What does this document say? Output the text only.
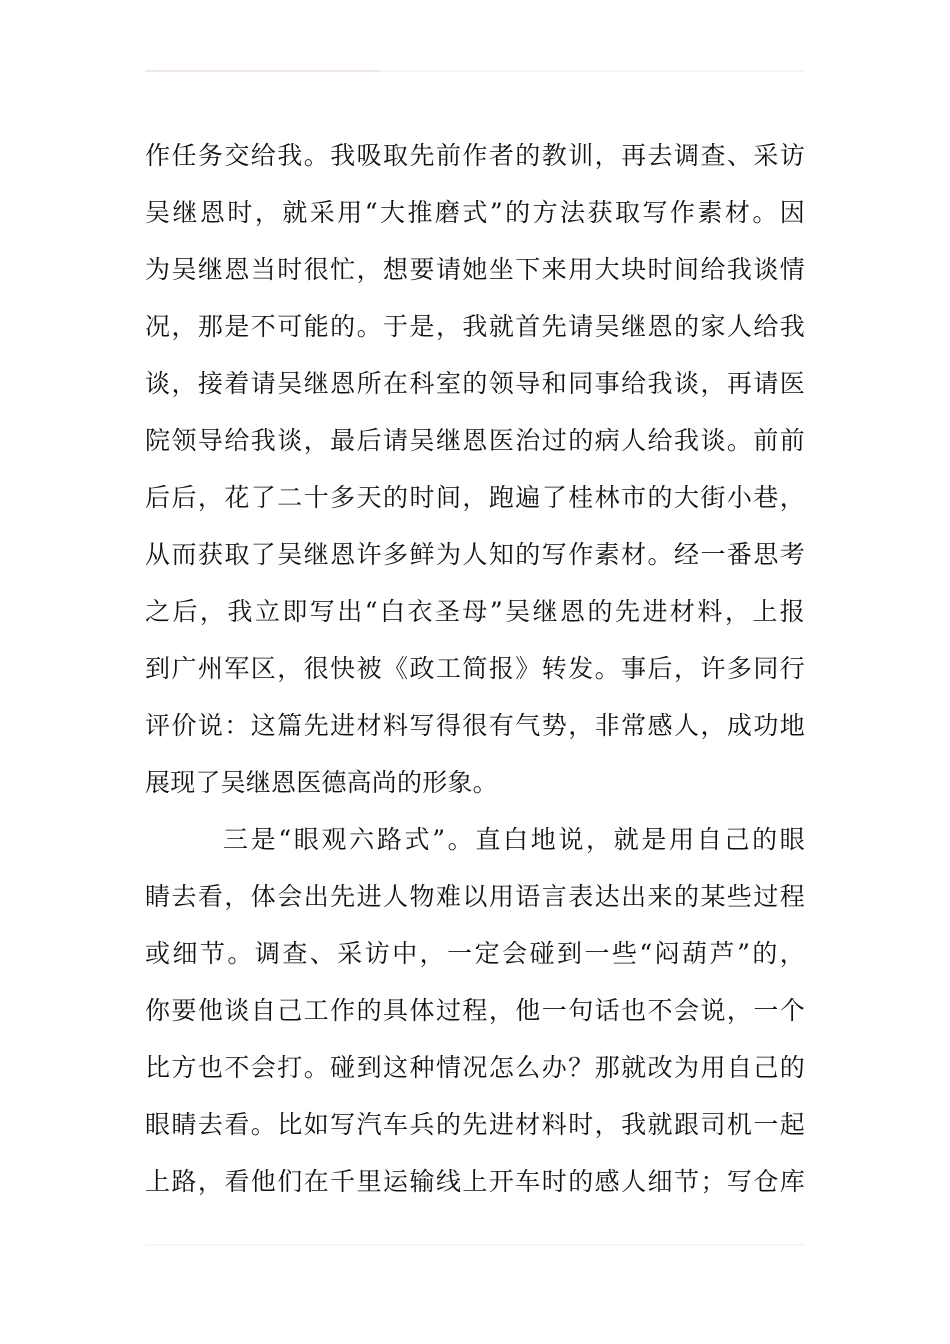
作任务交给我。我吸取先前作者的教训，再去调查、采访
吴继恩时，就采用“大推磨式”的方法获取写作素材。因
为吴继恩当时很忙，想要请她坐下来用大块时间给我谈情
况，那是不可能的。于是，我就首先请吴继恩的家人给我
谈，接着请吴继恩所在科室的领导和同事给我谈，再请医
院领导给我谈，最后请吴继恩医治过的病人给我谈。前前
后后，花了二十多天的时间，跑遍了桂林市的大街小巷，
从而获取了吴继恩许多鲜为人知的写作素材。经一番思考
之后，我立即写出“白衣圣母”吴继恩的先进材料，上报
到广州军区，很快被《政工简报》转发。事后，许多同行
评价说：这篇先进材料写得很有气势，非常感人，成功地
展现了吴继恩医德高尚的形象。
三是“眼观六路式”。直白地说，就是用自己的眼
睛去看，体会出先进人物难以用语言表达出来的某些过程
或细节。调查、采访中，一定会碰到一些“闷葫芦”的，
你要他谈自己工作的具体过程，他一句话也不会说，一个
比方也不会打。碰到这种情况怎么办？那就改为用自己的
眼睛去看。比如写汽车兵的先进材料时，我就跟司机一起
上路，看他们在千里运输线上开车时的感人细节；写仓库
